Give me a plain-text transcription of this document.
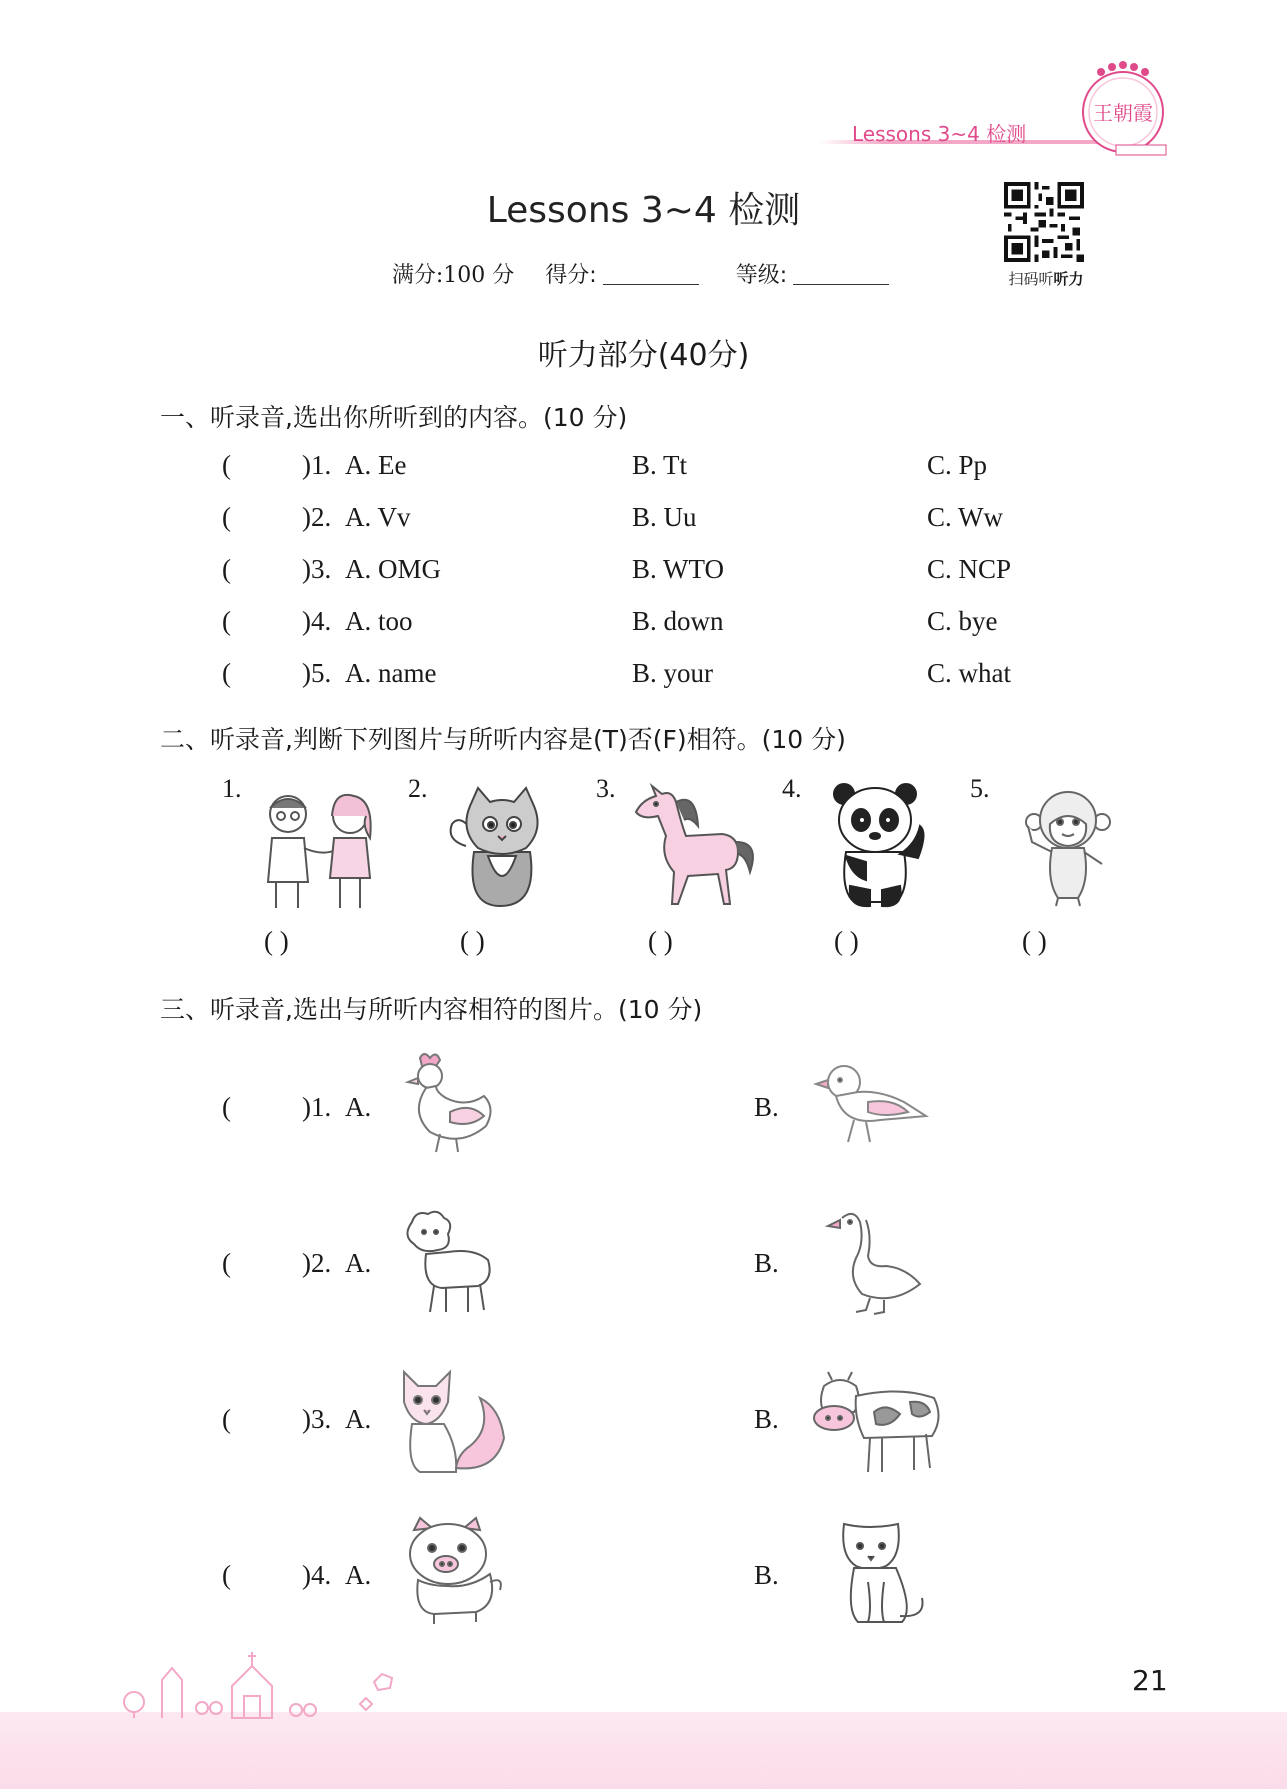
Lessons 3~4 检测
王朝霞
Lessons 3~4 检测
扫码听听力
满分:100 分 得分:	等级:
听力部分(40分)
一、听录音,选出你所听到的内容。(10 分)
(	)1. A. Ee	B. Tt	C. Pp
(	)2. A. Vv	B. Uu	C. Ww
(	)3. A. OMG	B. WTO	C. NCP
(	)4. A. too	B. down	C. bye
(	)5. A. name	B. your	C. what
二、听录音,判断下列图片与所听内容是(T)否(F)相符。(10 分)
1.	2.	3.	4.	5.
( )	( )	( )	( )	( )
三、听录音,选出与所听内容相符的图片。(10 分)
(	)1. A.	B.
(	)2. A.	B.
(	)3. A.	B.
(	)4. A.	B.
21
